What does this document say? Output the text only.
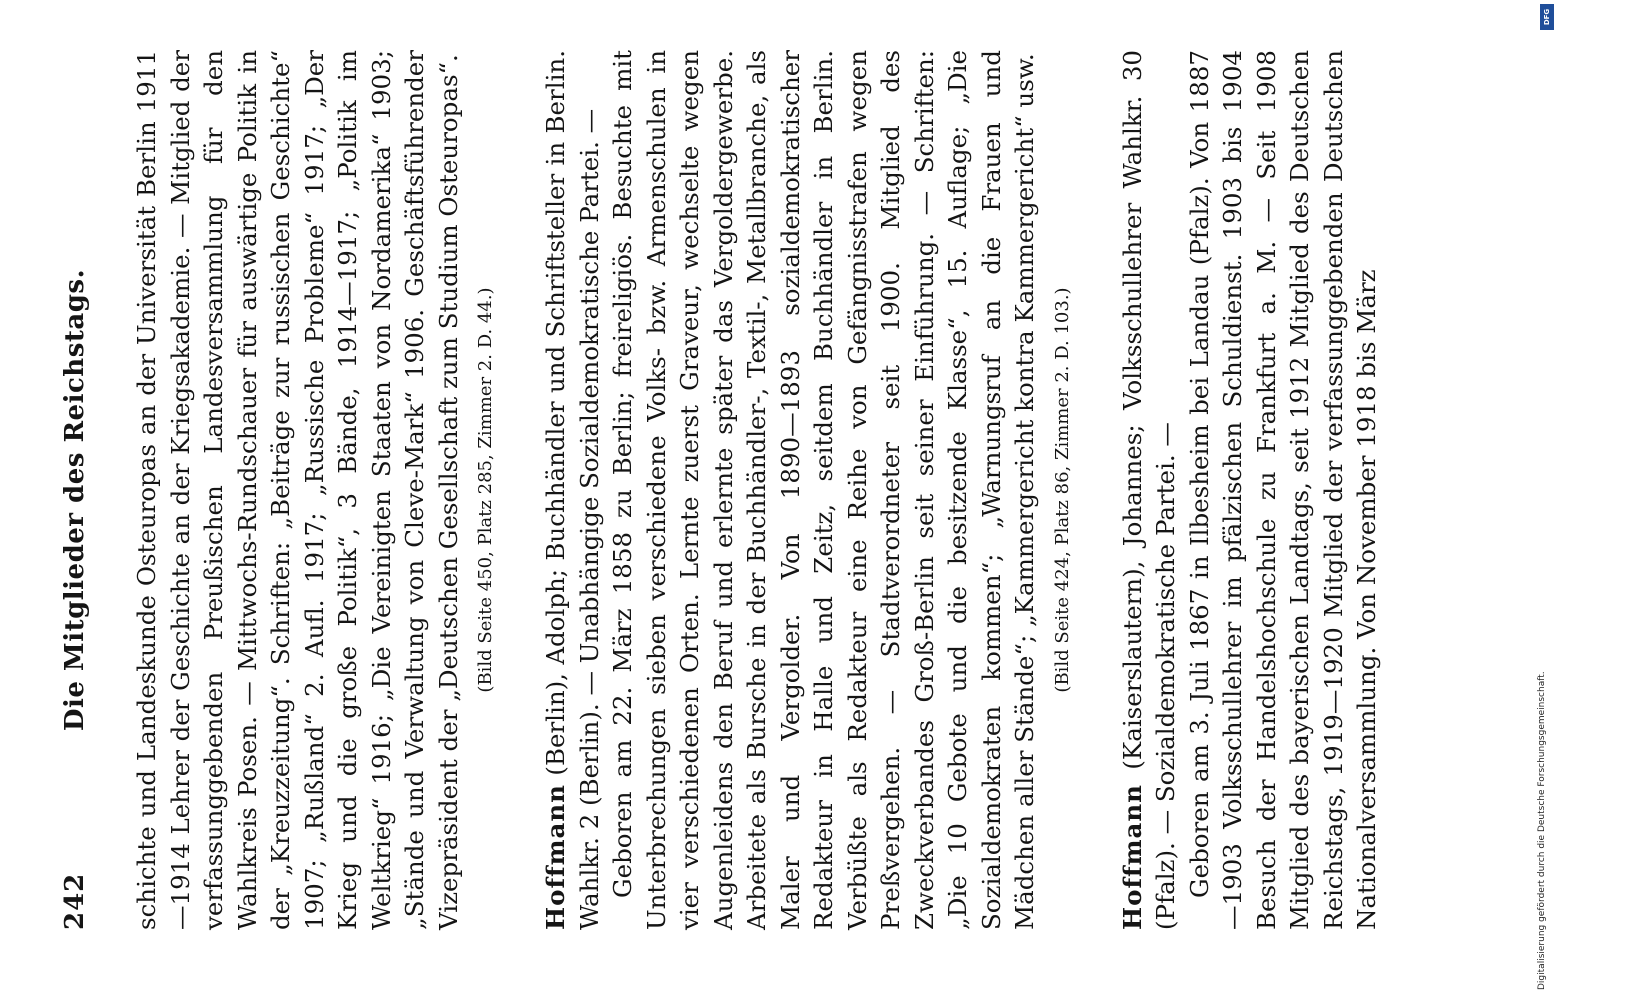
242
Die Mitglieder des Reichstags. schichte und Landeskunde Osteuropas an der Universität Berlin 1911—1914 Lehrer der Geschichte an der Kriegsakademie. — Mitglied der verfassunggebenden Preußischen Landesversammlung für den Wahlkreis Posen. — Mittwochs-Rundschauer für auswärtige Politik in der „Kreuzzeitung“. Schriften: „Beiträge zur russischen Geschichte“ 1907; „Rußland“ 2. Aufl. 1917; „Russische Probleme“ 1917; „Der Krieg und die große Politik“, 3 Bände, 1914—1917; „Politik im Weltkrieg“ 1916; „Die Vereinigten Staaten von Nordamerika“ 1903; „Stände und Verwaltung von Cleve-Mark“ 1906. Geschäftsführender Vizepräsident der „Deutschen Gesellschaft zum Studium Osteuropas“. (Bild Seite 450, Platz 285, Zimmer 2. D. 44.)

Hoffmann (Berlin), Adolph; Buchhändler und Schriftsteller in Berlin. Wahlkr. 2 (Berlin). — Unabhängige Sozialdemokratische Partei. — Geboren am 22. März 1858 zu Berlin; freireligiös. Besuchte mit Unterbrechungen sieben verschiedene Volks- bzw. Armenschulen in vier verschiedenen Orten. Lernte zuerst Graveur, wechselte wegen Augenleidens den Beruf und erlernte später das Vergoldergewerbe. Arbeitete als Bursche in der Buchhändler-, Textil-, Metallbranche, als Maler und Vergolder. Von 1890—1893 sozialdemokratischer Redakteur in Halle und Zeitz, seitdem Buchhändler in Berlin. Verbüßte als Redakteur eine Reihe von Gefängnisstrafen wegen Preßvergehen. — Stadtverordneter seit 1900. Mitglied des Zweckverbandes Groß-Berlin seit seiner Einführung. — Schriften: „Die 10 Gebote und die besitzende Klasse“, 15. Auflage; „Die Sozialdemokraten kommen“; „Warnungsruf an die Frauen und Mädchen aller Stände“; „Kammergericht kontra Kammergericht“ usw. (Bild Seite 424, Platz 86, Zimmer 2. D. 103.)

Hoffmann (Kaiserslautern), Johannes; Volksschullehrer Wahlkr. 30 (Pfalz). — Sozialdemokratische Partei. — Geboren am 3. Juli 1867 in Ilbesheim bei Landau (Pfalz). Von 1887—1903 Volksschullehrer im pfälzischen Schuldienst. 1903 bis 1904 Besuch der Handelshochschule zu Frankfurt a. M. — Seit 1908 Mitglied des bayerischen Landtags, seit 1912 Mitglied des Deutschen Reichstags, 1919—1920 Mitglied der verfassunggebenden Deutschen Nationalversammlung. Von November 1918 bis März

DFG
Digitalisierung gefördert durch die Deutsche Forschungsgemeinschaft.
